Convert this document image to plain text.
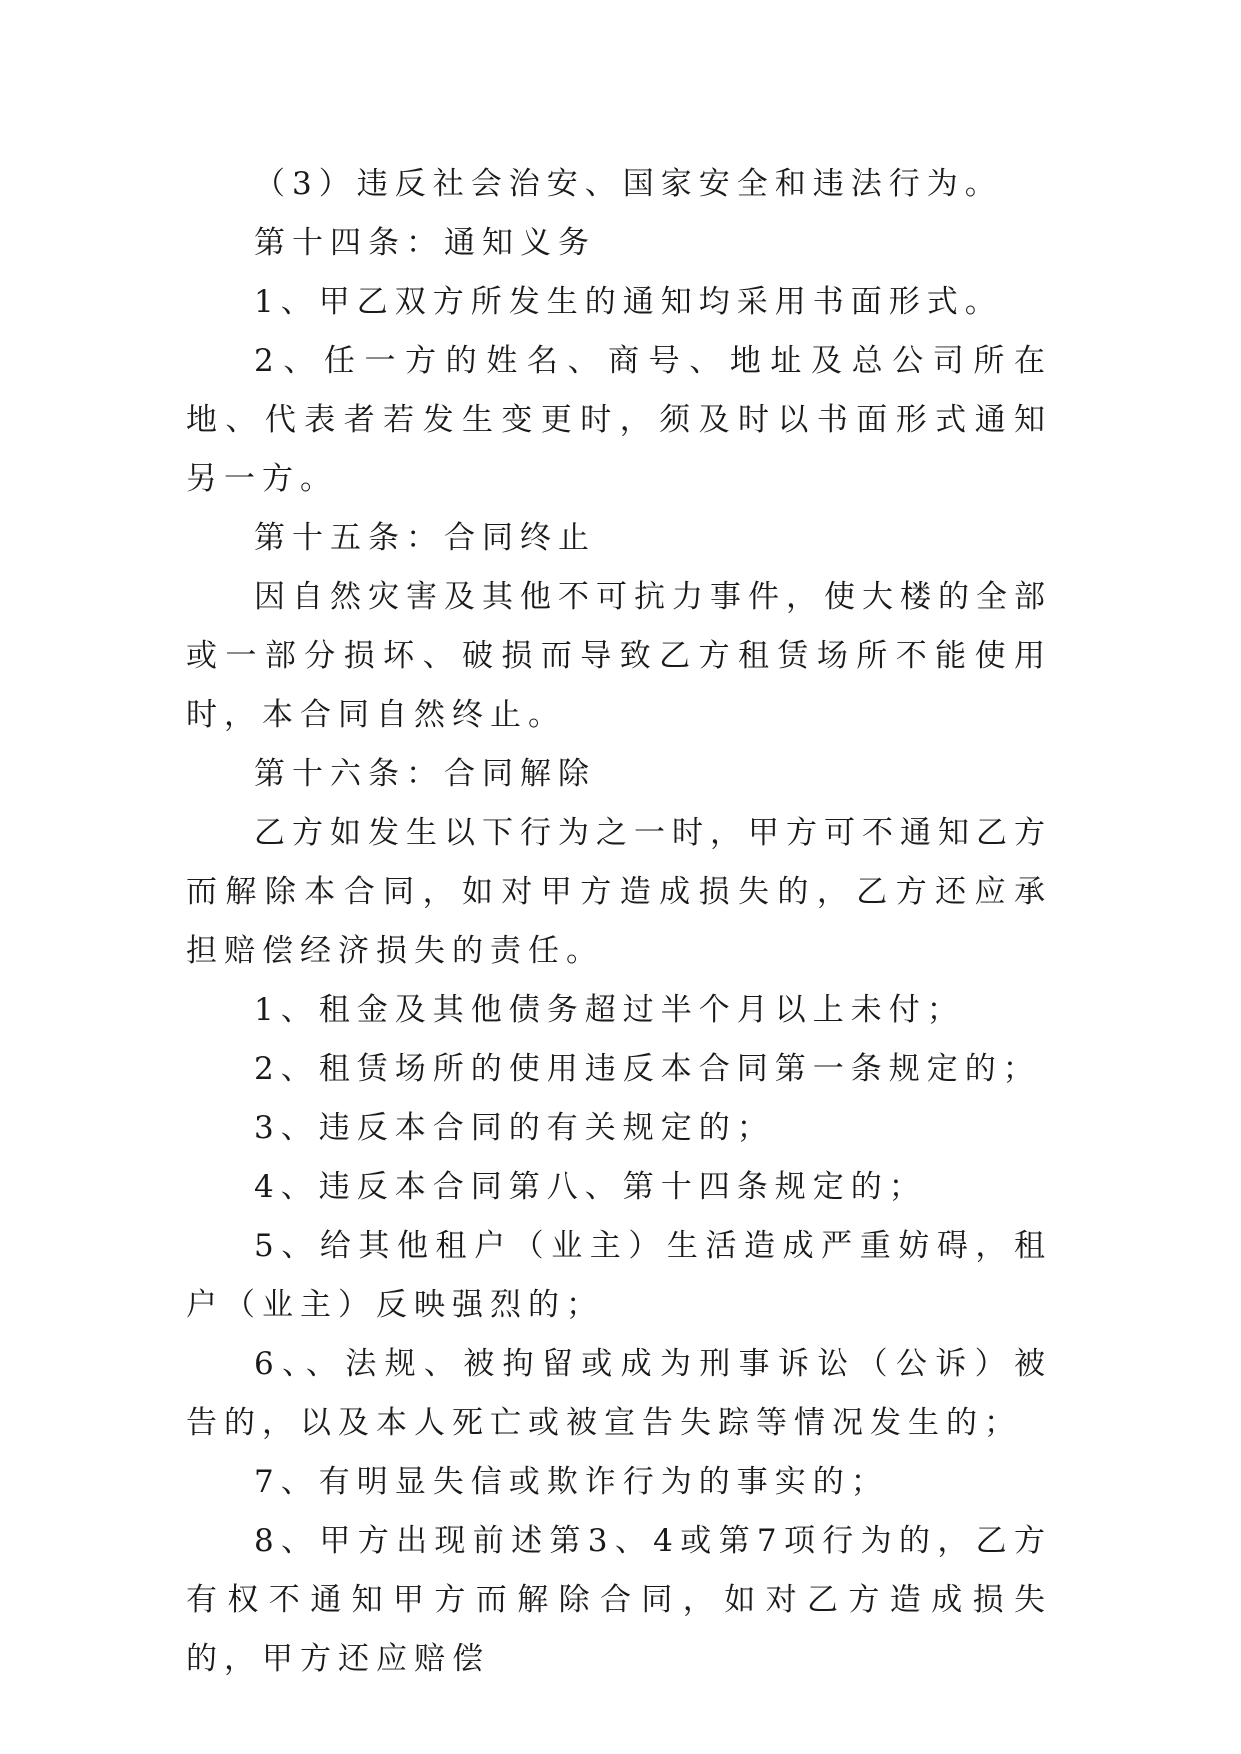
（3）违反社会治安、国家安全和违法行为。

第十四条：通知义务

1、甲乙双方所发生的通知均采用书面形式。

2、任一方的姓名、商号、地址及总公司所在地、代表者若发生变更时，须及时以书面形式通知另一方。

第十五条：合同终止

因自然灾害及其他不可抗力事件，使大楼的全部或一部分损坏、破损而导致乙方租赁场所不能使用时，本合同自然终止。

第十六条：合同解除

乙方如发生以下行为之一时，甲方可不通知乙方而解除本合同，如对甲方造成损失的，乙方还应承担赔偿经济损失的责任。

1、租金及其他债务超过半个月以上未付；

2、租赁场所的使用违反本合同第一条规定的；

3、违反本合同的有关规定的；

4、违反本合同第八、第十四条规定的；

5、给其他租户（业主）生活造成严重妨碍，租户（业主）反映强烈的；

6、、法规、被拘留或成为刑事诉讼（公诉）被告的，以及本人死亡或被宣告失踪等情况发生的；

7、有明显失信或欺诈行为的事实的；

8、甲方出现前述第3、4或第7项行为的，乙方有权不通知甲方而解除合同，如对乙方造成损失的，甲方还应赔偿
